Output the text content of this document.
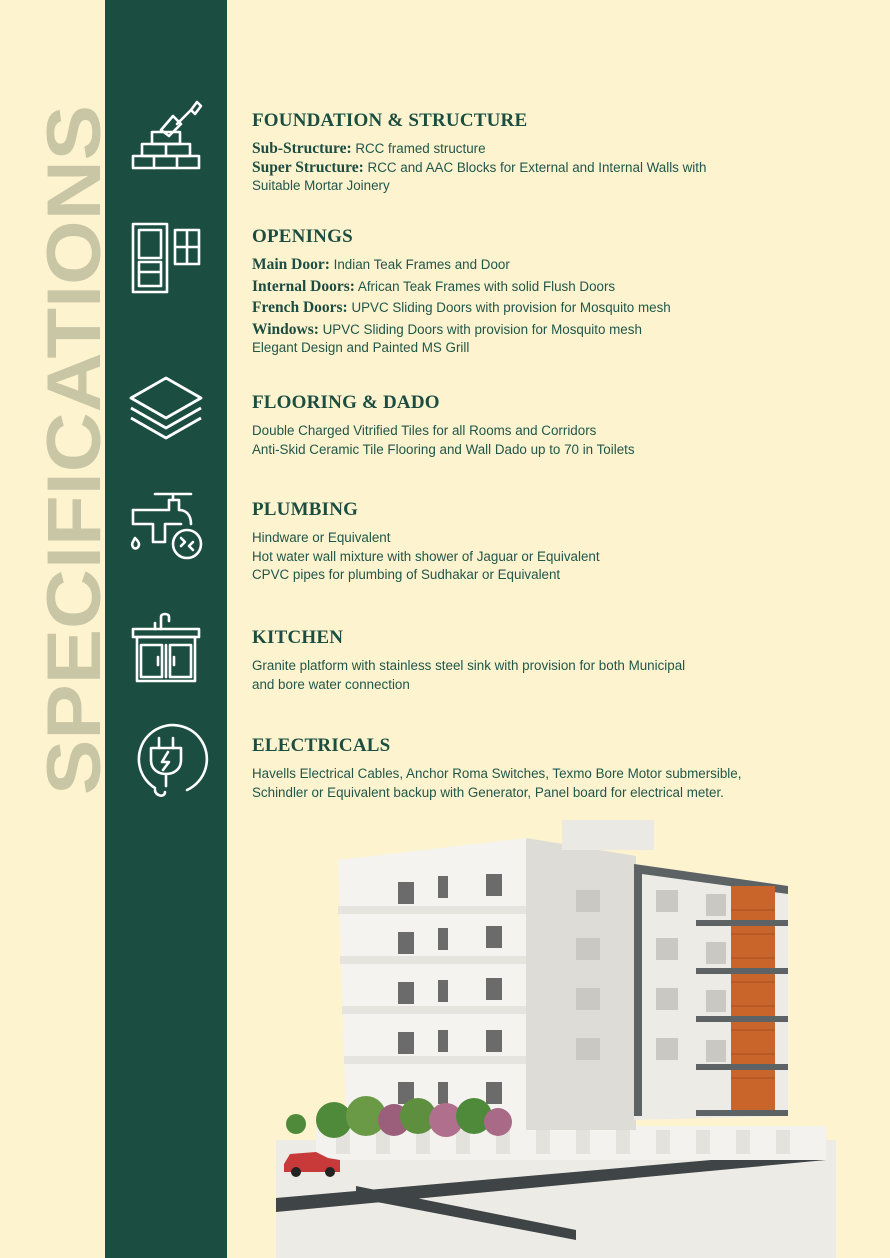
SPECIFICATIONS
FOUNDATION & STRUCTURE
Sub-Structure: RCC framed structure
Super Structure: RCC and AAC Blocks for External and Internal Walls with
Suitable Mortar Joinery
OPENINGS
Main Door: Indian Teak Frames and Door
Internal Doors: African Teak Frames with solid Flush Doors
French Doors: UPVC Sliding Doors with provision for Mosquito mesh
Windows: UPVC Sliding Doors with provision for Mosquito mesh
Elegant Design and Painted MS Grill
FLOORING & DADO
Double Charged Vitrified Tiles for all Rooms and Corridors
Anti-Skid Ceramic Tile Flooring and Wall Dado up to 70 in Toilets
PLUMBING
Hindware or Equivalent
Hot water wall mixture with shower of Jaguar or Equivalent
CPVC pipes for plumbing of Sudhakar or Equivalent
KITCHEN
Granite platform with stainless steel sink with provision for both Municipal
and bore water connection
ELECTRICALS
Havells Electrical Cables, Anchor Roma Switches, Texmo Bore Motor submersible,
Schindler or Equivalent backup with Generator, Panel board for electrical meter.
